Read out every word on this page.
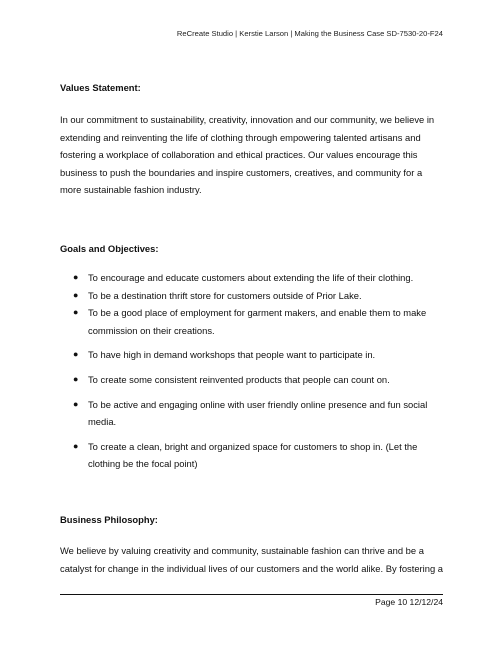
ReCreate Studio | Kerstie Larson | Making the Business Case SD-7530-20-F24
Values Statement:

In our commitment to sustainability, creativity, innovation and our community, we believe in extending and reinventing the life of clothing through empowering talented artisans and fostering a workplace of collaboration and ethical practices. Our values encourage this business to push the boundaries and inspire customers, creatives, and community for a more sustainable fashion industry.

Goals and Objectives:
● To encourage and educate customers about extending the life of their clothing.
● To be a destination thrift store for customers outside of Prior Lake.
● To be a good place of employment for garment makers, and enable them to make commission on their creations.
● To have high in demand workshops that people want to participate in.
● To create some consistent reinvented products that people can count on.
● To be active and engaging online with user friendly online presence and fun social media.
● To create a clean, bright and organized space for customers to shop in. (Let the clothing be the focal point)
Business Philosophy:

We believe by valuing creativity and community, sustainable fashion can thrive and be a catalyst for change in the individual lives of our customers and the world alike. By fostering a

Page 10 12/12/24
